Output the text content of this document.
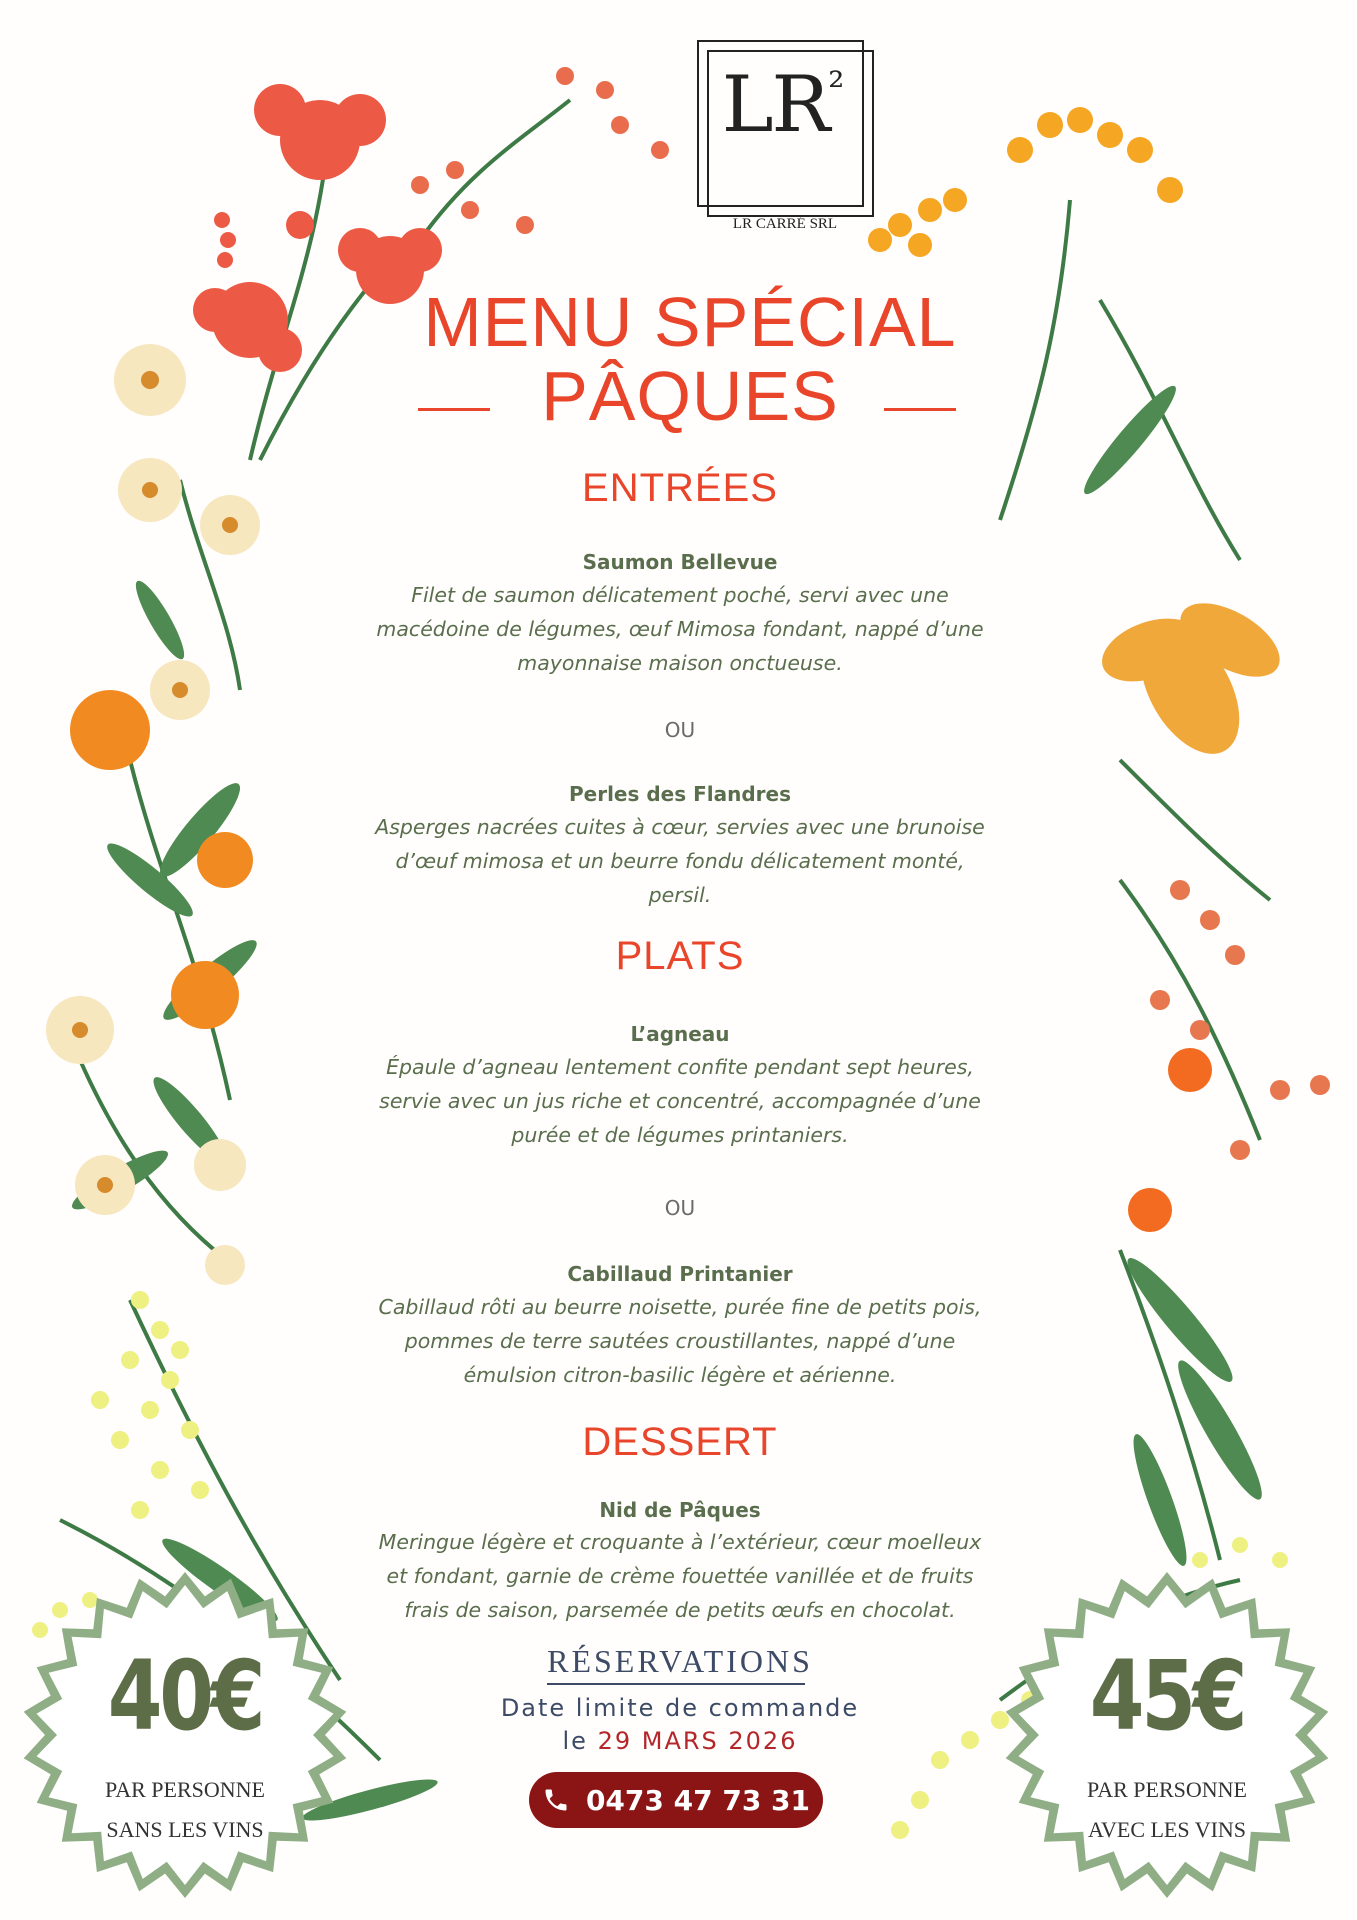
$LR^{^2}$
LR CARRÉ SRL
MENU SPÉCIAL
PÂQUES
ENTRÉES
Saumon Bellevue
Filet de saumon délicatement poché, servi avec une
macédoine de légumes, œuf Mimosa fondant, nappé d’une
mayonnaise maison onctueuse.
OU
Perles des Flandres
Asperges nacrées cuites à cœur, servies avec une brunoise
d’œuf mimosa et un beurre fondu délicatement monté,
persil.
PLATS
L’agneau
Épaule d’agneau lentement confite pendant sept heures,
servie avec un jus riche et concentré, accompagnée d’une
purée et de légumes printaniers.
OU
Cabillaud Printanier
Cabillaud rôti au beurre noisette, purée fine de petits pois,
pommes de terre sautées croustillantes, nappé d’une
émulsion citron-basilic légère et aérienne.
DESSERT
Nid de Pâques
Meringue légère et croquante à l’extérieur, cœur moelleux
et fondant, garnie de crème fouettée vanillée et de fruits
frais de saison, parsemée de petits œufs en chocolat.
RÉSERVATIONS
Date limite de commande
le 29 MARS 2026
0473 47 73 31
40€
PAR PERSONNE
SANS LES VINS
45€
PAR PERSONNE
AVEC LES VINS
